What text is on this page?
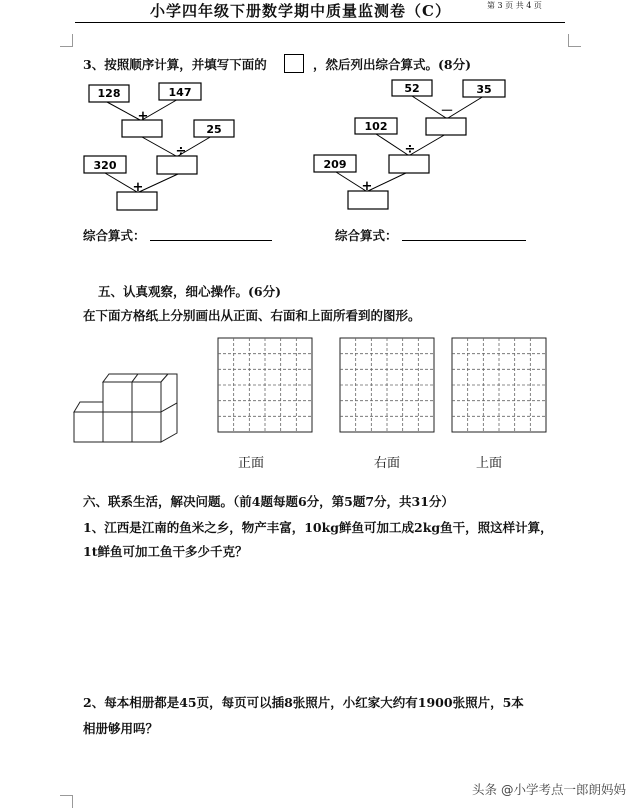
小学四年级下册数学期中质量监测卷（C）	第 3 页 共 4 页
3、按照顺序计算，并填写下面的	，然后列出综合算式。(8分)
128	147
25
320
+
÷
+
52	35
102
209
－
÷
+
综合算式：	综合算式：
五、认真观察，细心操作。(6分)
在下面方格纸上分别画出从正面、右面和上面所看到的图形。
正面	右面	上面
六、联系生活，解决问题。（前4题每题6分，第5题7分，共31分）
1、江西是江南的鱼米之乡，物产丰富，10kg鲜鱼可加工成2kg鱼干，照这样计算，
1t鲜鱼可加工鱼干多少千克？
2、每本相册都是45页，每页可以插8张照片，小红家大约有1900张照片，5本
相册够用吗？
头条 @小学考点一郎朗妈妈
